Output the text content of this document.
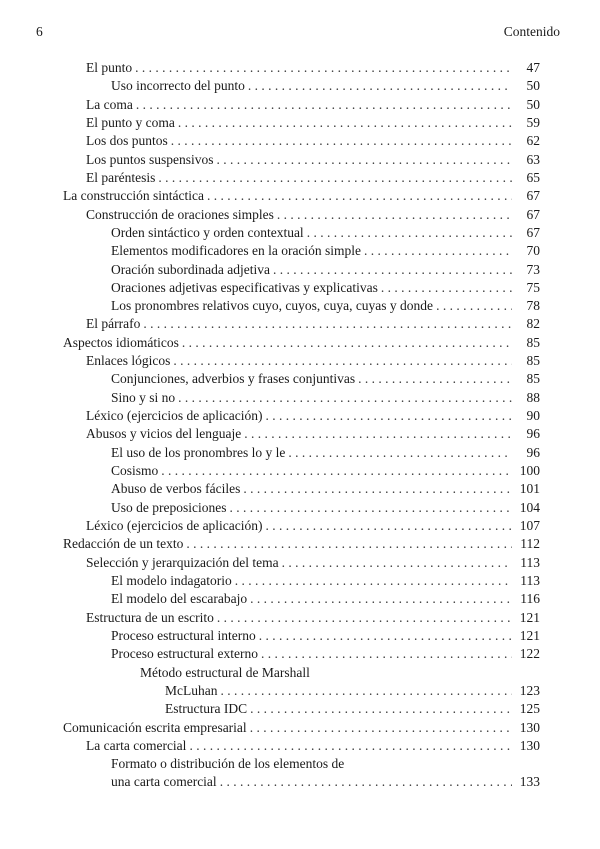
6	Contenido
El punto . . .	47
Uso incorrecto del punto . . .	50
La coma . . .	50
El punto y coma . . .	59
Los dos puntos . . .	62
Los puntos suspensivos . . .	63
El paréntesis . . .	65
La construcción sintáctica . . .	67
Construcción de oraciones simples . . .	67
Orden sintáctico y orden contextual . . .	67
Elementos modificadores en la oración simple . . .	70
Oración subordinada adjetiva . . .	73
Oraciones adjetivas especificativas y explicativas . . .	75
Los pronombres relativos cuyo, cuyos, cuya, cuyas y donde . . .	78
El párrafo . . .	82
Aspectos idiomáticos . . .	85
Enlaces lógicos . . .	85
Conjunciones, adverbios y frases conjuntivas . . .	85
Sino y si no . . .	88
Léxico (ejercicios de aplicación) . . .	90
Abusos y vicios del lenguaje . . .	96
El uso de los pronombres lo y le . . .	96
Cosismo . . .	100
Abuso de verbos fáciles . . .	101
Uso de preposiciones . . .	104
Léxico (ejercicios de aplicación) . . .	107
Redacción de un texto . . .	112
Selección y jerarquización del tema . . .	113
El modelo indagatorio . . .	113
El modelo del escarabajo . . .	116
Estructura de un escrito . . .	121
Proceso estructural interno . . .	121
Proceso estructural externo . . .	122
Método estructural de Marshall
McLuhan . . .	123
Estructura IDC . . .	125
Comunicación escrita empresarial . . .	130
La carta comercial . . .	130
Formato o distribución de los elementos de
una carta comercial . . .	133
